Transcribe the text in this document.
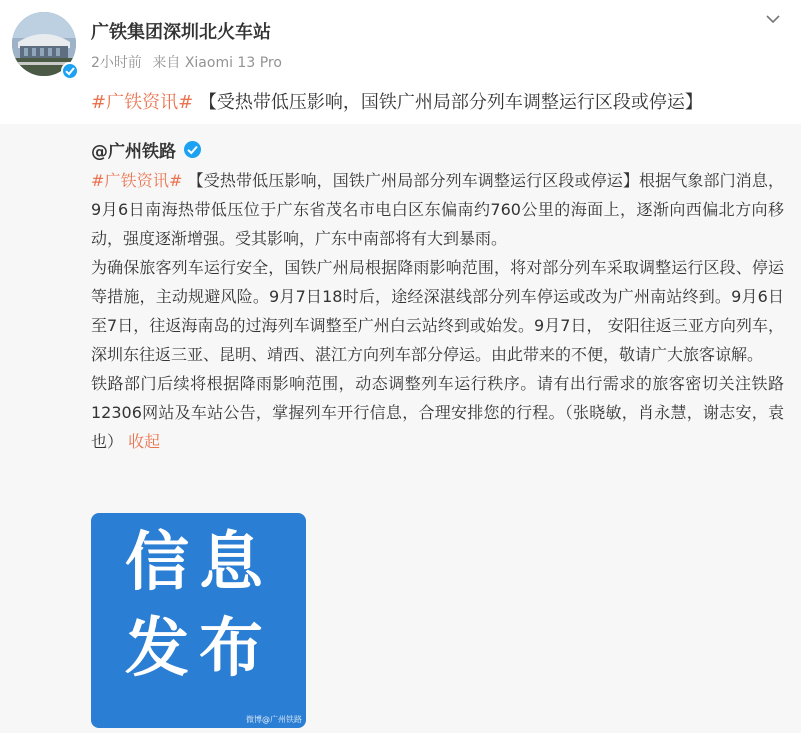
广铁集团深圳北火车站
2小时前 来自 Xiaomi 13 Pro
#广铁资讯# 【受热带低压影响，国铁广州局部分列车调整运行区段或停运】
@广州铁路

#广铁资讯# 【受热带低压影响，国铁广州局部分列车调整运行区段或停运】根据气象部门消息，9月6日南海热带低压位于广东省茂名市电白区东偏南约760公里的海面上，逐渐向西偏北方向移动，强度逐渐增强。受其影响，广东中南部将有大到暴雨。

为确保旅客列车运行安全，国铁广州局根据降雨影响范围，将对部分列车采取调整运行区段、停运等措施，主动规避风险。9月7日18时后，途经深湛线部分列车停运或改为广州南站终到。9月6日至7日，往返海南岛的过海列车调整至广州白云站终到或始发。9月7日， 安阳往返三亚方向列车，深圳东往返三亚、昆明、靖西、湛江方向列车部分停运。由此带来的不便，敬请广大旅客谅解。

铁路部门后续将根据降雨影响范围，动态调整列车运行秩序。请有出行需求的旅客密切关注铁路12306网站及车站公告，掌握列车开行信息，合理安排您的行程。（张晓敏，肖永慧，谢志安，袁也） 收起

信息
发布
微博@广州铁路
